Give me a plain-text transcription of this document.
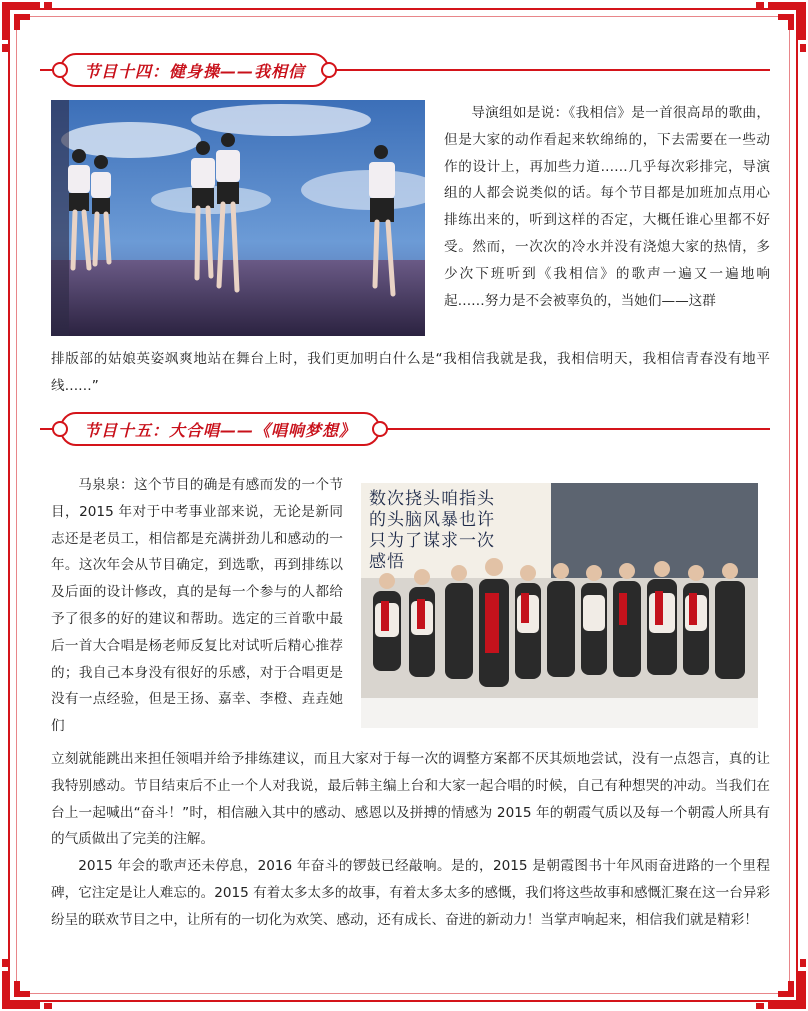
节目十四：健身操——我相信

导演组如是说：《我相信》是一首很高昂的歌曲，但是大家的动作看起来软绵绵的，下去需要在一些动作的设计上，再加些力道……几乎每次彩排完，导演组的人都会说类似的话。每个节目都是加班加点用心排练出来的，听到这样的否定，大概任谁心里都不好受。然而，一次次的冷水并没有浇熄大家的热情，多少次下班听到《我相信》的歌声一遍又一遍地响起……努力是不会被辜负的，当她们——这群

排版部的姑娘英姿飒爽地站在舞台上时，我们更加明白什么是“我相信我就是我，我相信明天，我相信青春没有地平线……”

节目十五：大合唱——《唱响梦想》
数次挠头咱指头
的头脑风暴也许
只为了谋求一次
感悟

马泉泉：这个节目的确是有感而发的一个节目，2015 年对于中考事业部来说，无论是新同志还是老员工，相信都是充满拼劲儿和感动的一年。这次年会从节目确定，到选歌，再到排练以及后面的设计修改，真的是每一个参与的人都给予了很多的好的建议和帮助。选定的三首歌中最后一首大合唱是杨老师反复比对试听后精心推荐的；我自己本身没有很好的乐感，对于合唱更是没有一点经验，但是王扬、嘉幸、李橙、垚垚她们

立刻就能跳出来担任领唱并给予排练建议，而且大家对于每一次的调整方案都不厌其烦地尝试，没有一点怨言，真的让我特别感动。节目结束后不止一个人对我说，最后韩主编上台和大家一起合唱的时候，自己有种想哭的冲动。当我们在台上一起喊出“奋斗！”时，相信融入其中的感动、感恩以及拼搏的情感为 2015 年的朝霞气质以及每一个朝霞人所具有的气质做出了完美的注解。

2015 年会的歌声还未停息，2016 年奋斗的锣鼓已经敲响。是的，2015 是朝霞图书十年风雨奋进路的一个里程碑，它注定是让人难忘的。2015 有着太多太多的故事，有着太多太多的感慨，我们将这些故事和感慨汇聚在这一台异彩纷呈的联欢节目之中，让所有的一切化为欢笑、感动，还有成长、奋进的新动力！当掌声响起来，相信我们就是精彩！
